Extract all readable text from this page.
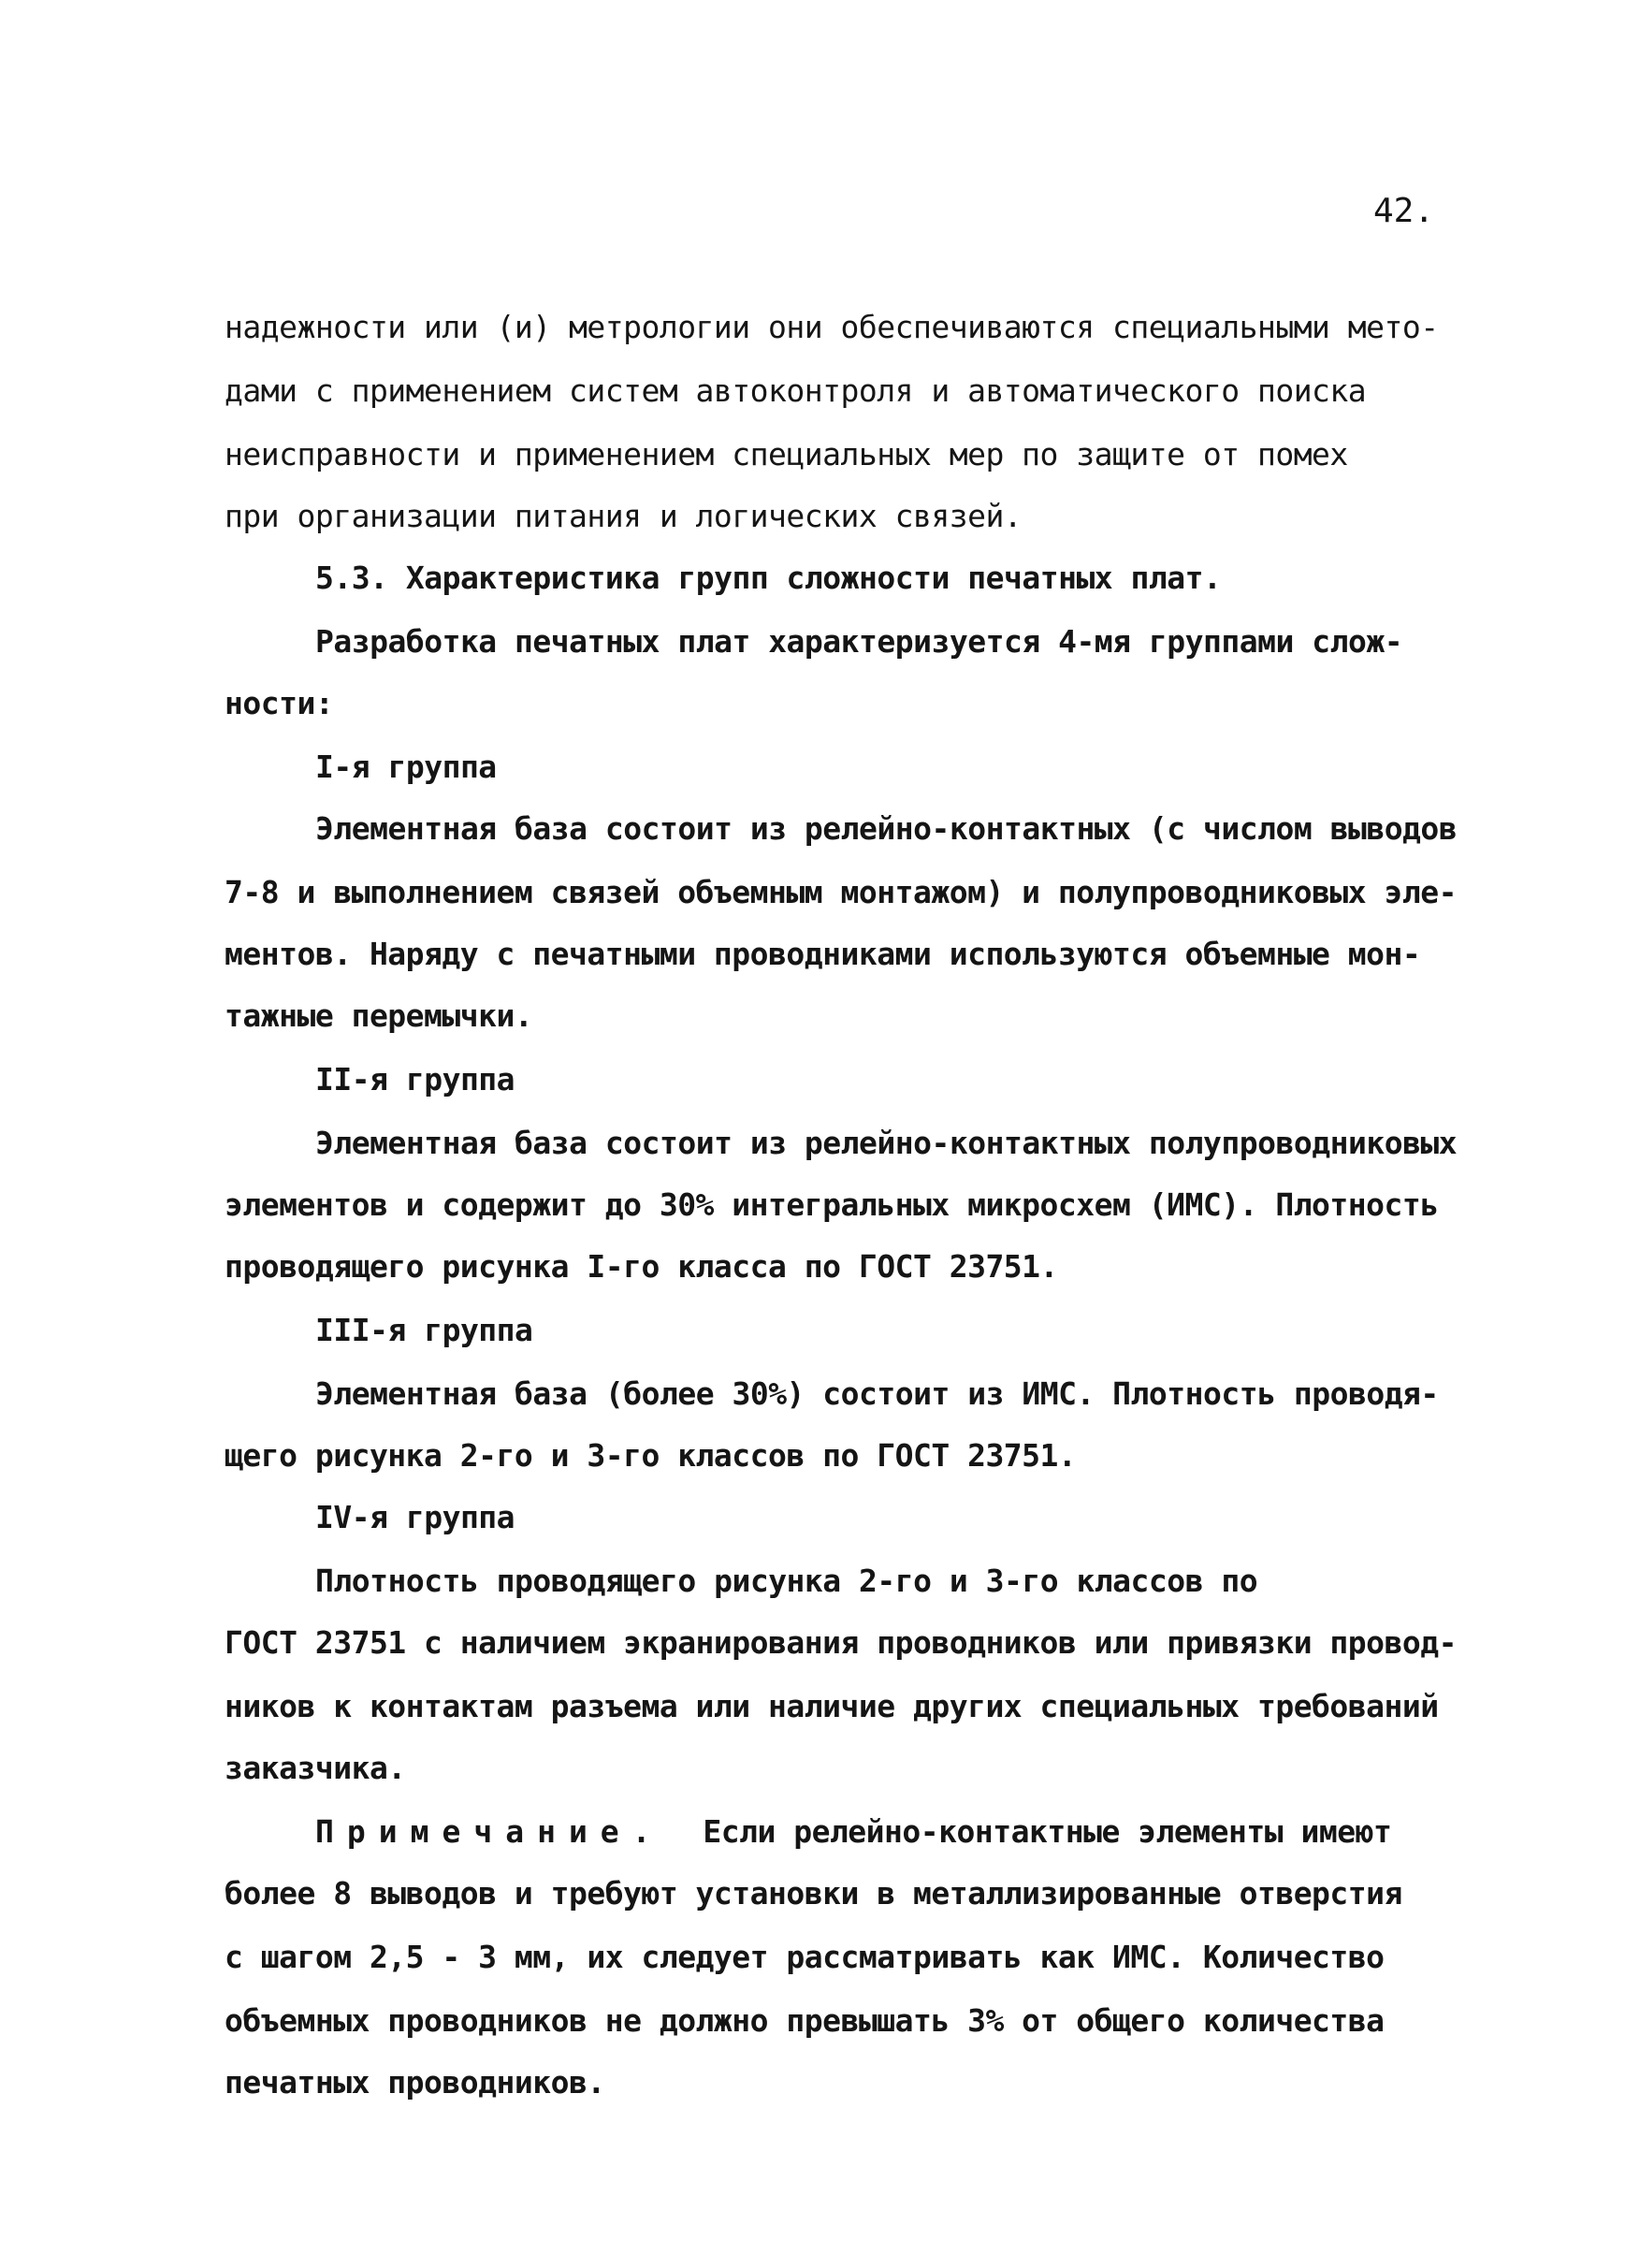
42.
надежности или (и) метрологии они обеспечиваются специальными мето-
дами с применением систем автоконтроля и автоматического поиска
неисправности и применением специальных мер по защите от помех
при организации питания и логических связей.
5.3. Характеристика групп сложности печатных плат.
Разработка печатных плат характеризуется 4-мя группами слож-
ности:
I-я группа
Элементная база состоит из релейно-контактных (с числом выводов
7-8 и выполнением связей объемным монтажом) и полупроводниковых эле-
ментов. Наряду с печатными проводниками используются объемные мон-
тажные перемычки.
II-я группа
Элементная база состоит из релейно-контактных полупроводниковых
элементов и содержит до 30% интегральных микросхем (ИМС). Плотность
проводящего рисунка I-го класса по ГОСТ 23751.
III-я группа
Элементная база (более 30%) состоит из ИМС. Плотность проводя-
щего рисунка 2-го и 3-го классов по ГОСТ 23751.
IV-я группа
Плотность проводящего рисунка 2-го и 3-го классов по
ГОСТ 23751 с наличием экранирования проводников или привязки провод-
ников к контактам разъема или наличие других специальных требований
заказчика.
Примечание. Если релейно-контактные элементы имеют
более 8 выводов и требуют установки в металлизированные отверстия
с шагом 2,5 - 3 мм, их следует рассматривать как ИМС. Количество
объемных проводников не должно превышать 3% от общего количества
печатных проводников.
